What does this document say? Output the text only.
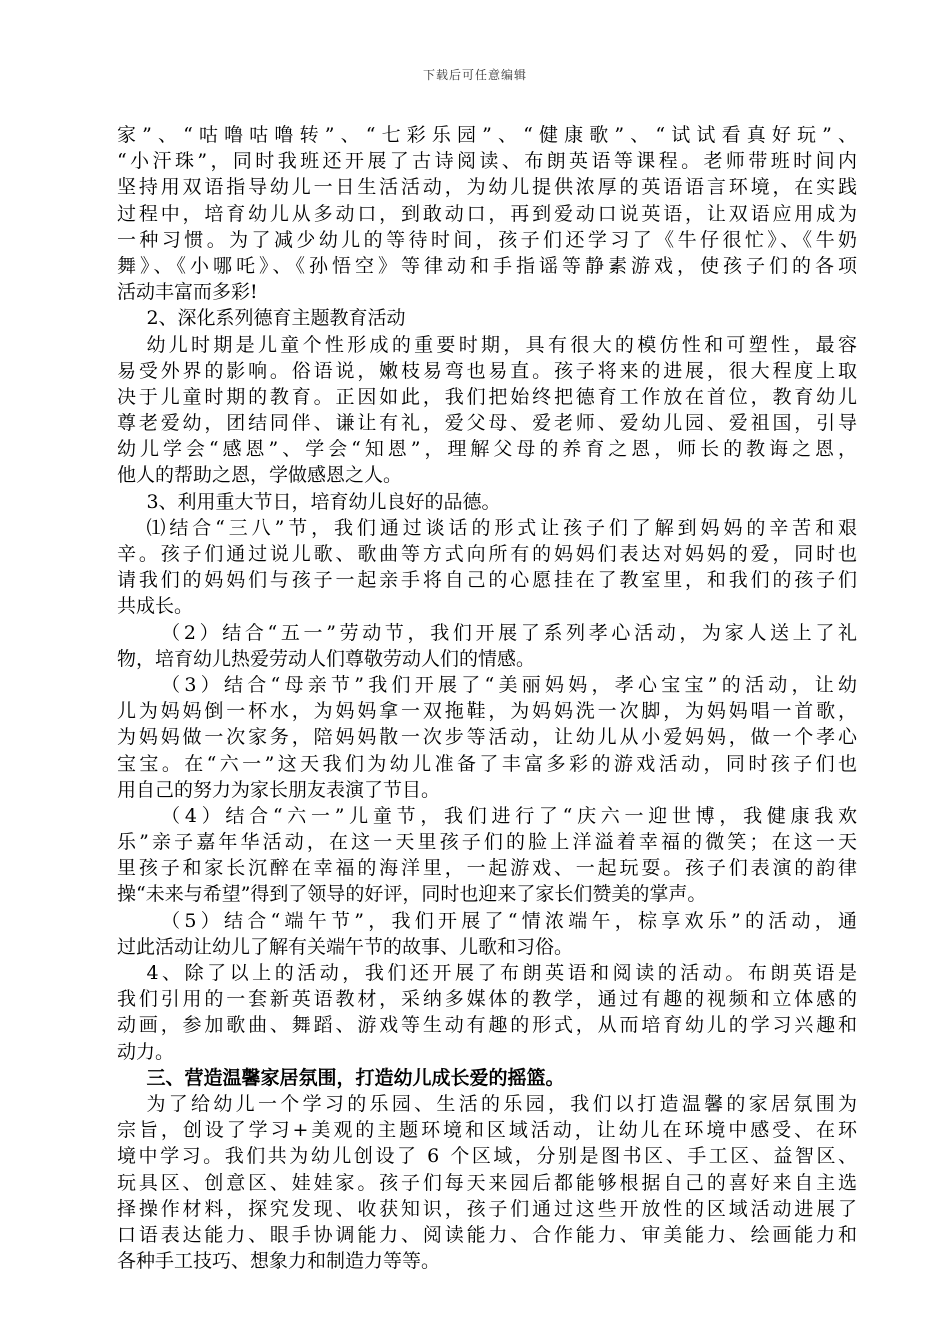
下载后可任意编辑
家”、“咕噜咕噜转”、“七彩乐园”、“健康歌”、“试试看真好玩”、
“小汗珠”，同时我班还开展了古诗阅读、布朗英语等课程。老师带班时间内
坚持用双语指导幼儿一日生活活动，为幼儿提供浓厚的英语语言环境，在实践
过程中，培育幼儿从多动口，到敢动口，再到爱动口说英语，让双语应用成为
一种习惯。为了减少幼儿的等待时间，孩子们还学习了《牛仔很忙》、《牛奶
舞》、《小哪吒》、《孙悟空》等律动和手指谣等静素游戏，使孩子们的各项
活动丰富而多彩!
2、深化系列德育主题教育活动
幼儿时期是儿童个性形成的重要时期，具有很大的模仿性和可塑性，最容
易受外界的影响。俗语说，嫩枝易弯也易直。孩子将来的进展，很大程度上取
决于儿童时期的教育。正因如此，我们把始终把德育工作放在首位，教育幼儿
尊老爱幼，团结同伴、谦让有礼，爱父母、爱老师、爱幼儿园、爱祖国，引导
幼儿学会“感恩”、学会“知恩”，理解父母的养育之恩，师长的教诲之恩，
他人的帮助之恩，学做感恩之人。
3、利用重大节日，培育幼儿良好的品德。
⑴结合“三八”节，我们通过谈话的形式让孩子们了解到妈妈的辛苦和艰
辛。孩子们通过说儿歌、歌曲等方式向所有的妈妈们表达对妈妈的爱，同时也
请我们的妈妈们与孩子一起亲手将自己的心愿挂在了教室里，和我们的孩子们
共成长。
（2）结合“五一”劳动节，我们开展了系列孝心活动，为家人送上了礼
物，培育幼儿热爱劳动人们尊敬劳动人们的情感。
（3）结合“母亲节”我们开展了“美丽妈妈，孝心宝宝”的活动，让幼
儿为妈妈倒一杯水，为妈妈拿一双拖鞋，为妈妈洗一次脚，为妈妈唱一首歌，
为妈妈做一次家务，陪妈妈散一次步等活动，让幼儿从小爱妈妈，做一个孝心
宝宝。在“六一”这天我们为幼儿准备了丰富多彩的游戏活动，同时孩子们也
用自己的努力为家长朋友表演了节目。
（4）结合“六一”儿童节，我们进行了“庆六一迎世博，我健康我欢
乐”亲子嘉年华活动，在这一天里孩子们的脸上洋溢着幸福的微笑；在这一天
里孩子和家长沉醉在幸福的海洋里，一起游戏、一起玩耍。孩子们表演的韵律
操“未来与希望”得到了领导的好评，同时也迎来了家长们赞美的掌声。
（5）结合“端午节”，我们开展了“情浓端午，棕享欢乐”的活动，通
过此活动让幼儿了解有关端午节的故事、儿歌和习俗。
4、除了以上的活动，我们还开展了布朗英语和阅读的活动。布朗英语是
我们引用的一套新英语教材，采纳多媒体的教学，通过有趣的视频和立体感的
动画，参加歌曲、舞蹈、游戏等生动有趣的形式，从而培育幼儿的学习兴趣和
动力。
三、营造温馨家居氛围，打造幼儿成长爱的摇篮。
为了给幼儿一个学习的乐园、生活的乐园，我们以打造温馨的家居氛围为
宗旨，创设了学习+美观的主题环境和区域活动，让幼儿在环境中感受、在环
境中学习。我们共为幼儿创设了 6 个区域，分别是图书区、手工区、益智区、
玩具区、创意区、娃娃家。孩子们每天来园后都能够根据自己的喜好来自主选
择操作材料，探究发现、收获知识，孩子们通过这些开放性的区域活动进展了
口语表达能力、眼手协调能力、阅读能力、合作能力、审美能力、绘画能力和
各种手工技巧、想象力和制造力等等。
